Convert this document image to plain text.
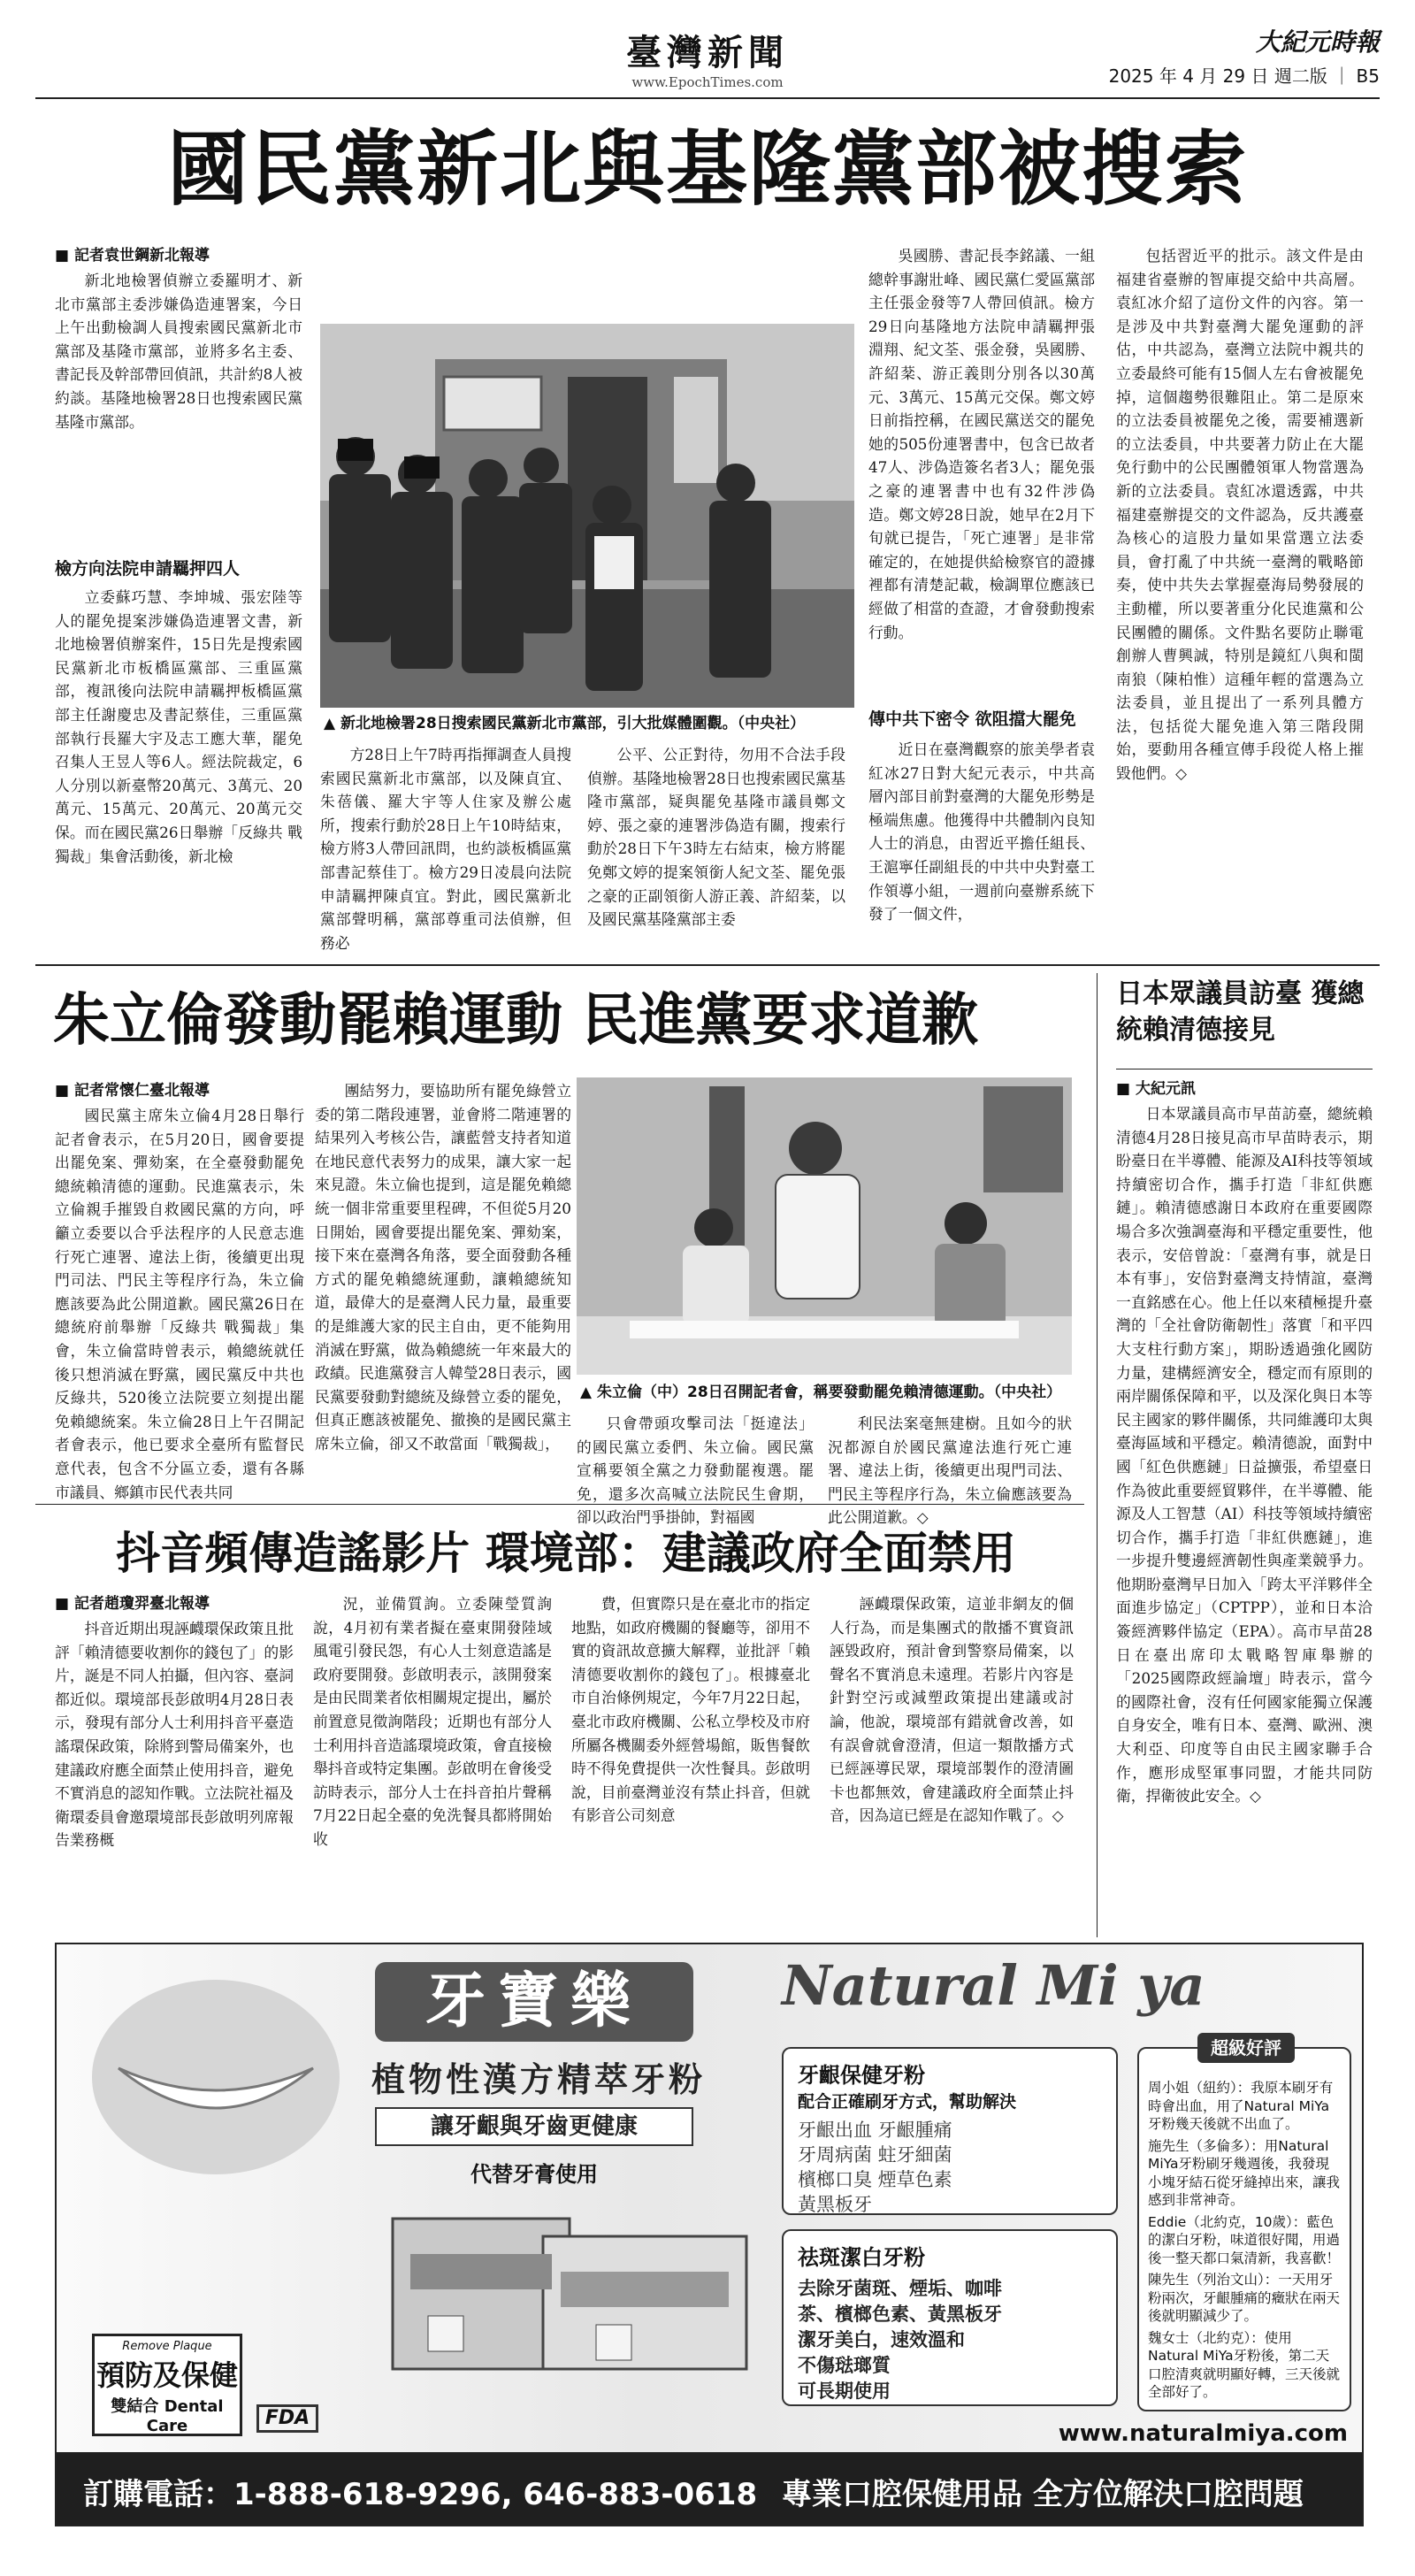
臺灣新聞
www.EpochTimes.com
大紀元時報
2025 年 4 月 29 日 週二版 ｜ B5
國民黨新北與基隆黨部被搜索
■ 記者袁世鋼新北報導

新北地檢署偵辦立委羅明才、新北市黨部主委涉嫌偽造連署案，今日上午出動檢調人員搜索國民黨新北市黨部及基隆市黨部，並將多名主委、書記長及幹部帶回偵訊，共計約8人被約談。基隆地檢署28日也搜索國民黨基隆市黨部。

檢方向法院申請羈押四人

立委蘇巧慧、李坤城、張宏陸等人的罷免提案涉嫌偽造連署文書，新北地檢署偵辦案件，15日先是搜索國民黨新北市板橋區黨部、三重區黨部，複訊後向法院申請羈押板橋區黨部主任謝慶忠及書記蔡佳，三重區黨部執行長羅大宇及志工應大華，罷免召集人王昱人等6人。經法院裁定，6人分別以新臺幣20萬元、3萬元、20萬元、15萬元、20萬元、20萬元交保。而在國民黨26日舉辦「反綠共 戰獨裁」集會活動後，新北檢

▲ 新北地檢署28日搜索國民黨新北市黨部，引大批媒體圍觀。（中央社）

方28日上午7時再指揮調查人員搜索國民黨新北市黨部，以及陳貞宜、朱蓓儀、羅大宇等人住家及辦公處所，搜索行動於28日上午10時結束，檢方將3人帶回訊問，也約談板橋區黨部書記蔡佳丁。檢方29日凌晨向法院申請羈押陳貞宜。對此，國民黨新北黨部聲明稱，黨部尊重司法偵辦，但務必

公平、公正對待，勿用不合法手段偵辦。基隆地檢署28日也搜索國民黨基隆市黨部，疑與罷免基隆市議員鄭文婷、張之豪的連署涉偽造有關，搜索行動於28日下午3時左右結束，檢方將罷免鄭文婷的提案領銜人紀文荃、罷免張之豪的正副領銜人游正義、許紹棻，以及國民黨基隆黨部主委

吳國勝、書記長李銘議、一組總幹事謝壯峰、國民黨仁愛區黨部主任張金發等7人帶回偵訊。檢方29日向基隆地方法院申請羈押張淵翔、紀文荃、張金發，吳國勝、許紹棻、游正義則分別各以30萬元、3萬元、15萬元交保。鄭文婷日前指控稱，在國民黨送交的罷免她的505份連署書中，包含已故者47人、涉偽造簽名者3人；罷免張之豪的連署書中也有32件涉偽造。鄭文婷28日說，她早在2月下旬就已提告，「死亡連署」是非常確定的，在她提供給檢察官的證據裡都有清楚記載，檢調單位應該已經做了相當的查證，才會發動搜索行動。

傳中共下密令 欲阻擋大罷免

近日在臺灣觀察的旅美學者袁紅冰27日對大紀元表示，中共高層內部目前對臺灣的大罷免形勢是極端焦慮。他獲得中共體制內良知人士的消息，由習近平擔任組長、王滬寧任副組長的中共中央對臺工作領導小組，一週前向臺辦系統下發了一個文件，

包括習近平的批示。該文件是由福建省臺辦的智庫提交給中共高層。袁紅冰介紹了這份文件的內容。第一是涉及中共對臺灣大罷免運動的評估，中共認為，臺灣立法院中親共的立委最終可能有15個人左右會被罷免掉，這個趨勢很難阻止。第二是原來的立法委員被罷免之後，需要補選新的立法委員，中共要著力防止在大罷免行動中的公民團體領軍人物當選為新的立法委員。袁紅冰還透露，中共福建臺辦提交的文件認為，反共護臺為核心的這股力量如果當選立法委員，會打亂了中共統一臺灣的戰略節奏，使中共失去掌握臺海局勢發展的主動權，所以要著重分化民進黨和公民團體的關係。文件點名要防止聯電創辦人曹興誠，特別是鏡紅八與和閩南狼（陳柏惟）這種年輕的當選為立法委員，並且提出了一系列具體方法，包括從大罷免進入第三階段開始，要動用各種宣傳手段從人格上摧毀他們。◇

朱立倫發動罷賴運動 民進黨要求道歉
■ 記者常懷仁臺北報導

國民黨主席朱立倫4月28日舉行記者會表示，在5月20日，國會要提出罷免案、彈劾案，在全臺發動罷免總統賴清德的運動。民進黨表示，朱立倫親手摧毀自救國民黨的方向，呼籲立委要以合乎法程序的人民意志進行死亡連署、違法上街，後續更出現門司法、門民主等程序行為，朱立倫應該要為此公開道歉。國民黨26日在總統府前舉辦「反綠共 戰獨裁」集會，朱立倫當時曾表示，賴總統就任後只想消滅在野黨，國民黨反中共也反綠共，520後立法院要立刻提出罷免賴總統案。朱立倫28日上午召開記者會表示，他已要求全臺所有監督民意代表，包含不分區立委，還有各縣市議員、鄉鎮市民代表共同

團結努力，要協助所有罷免綠營立委的第二階段連署，並會將二階連署的結果列入考核公告，讓藍營支持者知道在地民意代表努力的成果，讓大家一起來見證。朱立倫也提到，這是罷免賴總統一個非常重要里程碑，不但從5月20日開始，國會要提出罷免案、彈劾案，接下來在臺灣各角落，要全面發動各種方式的罷免賴總統運動，讓賴總統知道，最偉大的是臺灣人民力量，最重要的是維護大家的民主自由，更不能夠用消滅在野黨，做為賴總統一年來最大的政績。民進黨發言人韓瑩28日表示，國民黨要發動對總統及綠營立委的罷免，但真正應該被罷免、撤換的是國民黨主席朱立倫，卻又不敢當面「戰獨裁」，

▲ 朱立倫（中）28日召開記者會，稱要發動罷免賴清德運動。（中央社）

只會帶頭攻擊司法「挺違法」的國民黨立委們、朱立倫。國民黨宣稱要領全黨之力發動罷複選。罷免，還多次高喊立法院民生會期，卻以政治門爭掛帥，對福國

利民法案毫無建樹。且如今的狀況都源自於國民黨違法進行死亡連署、違法上街，後續更出現門司法、門民主等程序行為，朱立倫應該要為此公開道歉。◇

日本眾議員訪臺 獲總統賴清德接見
■ 大紀元訊

日本眾議員高市早苗訪臺，總統賴清德4月28日接見高市早苗時表示，期盼臺日在半導體、能源及AI科技等領域持續密切合作，攜手打造「非紅供應鏈」。賴清德感謝日本政府在重要國際場合多次強調臺海和平穩定重要性，他表示，安倍曾說：「臺灣有事，就是日本有事」，安倍對臺灣支持情誼，臺灣一直銘感在心。他上任以來積極提升臺灣的「全社會防衛韌性」落實「和平四大支柱行動方案」，期盼透過強化國防力量，建構經濟安全，穩定而有原則的兩岸關係保障和平，以及深化與日本等民主國家的夥伴關係，共同維護印太與臺海區域和平穩定。賴清德說，面對中國「紅色供應鏈」日益擴張，希望臺日作為彼此重要經貿夥伴，在半導體、能源及人工智慧（AI）科技等領域持續密切合作，攜手打造「非紅供應鏈」，進一步提升雙邊經濟韌性與產業競爭力。他期盼臺灣早日加入「跨太平洋夥伴全面進步協定」（CPTPP），並和日本洽簽經濟夥伴協定（EPA）。高市早苗28日在臺出席印太戰略智庫舉辦的「2025國際政經論壇」時表示，當今的國際社會，沒有任何國家能獨立保護自身安全，唯有日本、臺灣、歐洲、澳大利亞、印度等自由民主國家聯手合作，應形成堅軍事同盟，才能共同防衛，捍衛彼此安全。◇

抖音頻傳造謠影片 環境部：建議政府全面禁用
■ 記者趙瓊羿臺北報導

抖音近期出現誣衊環保政策且批評「賴清德要收割你的錢包了」的影片，誕是不同人拍攝，但內容、臺詞都近似。環境部長彭啟明4月28日表示，發現有部分人士利用抖音平臺造謠環保政策，除將到警局備案外，也建議政府應全面禁止使用抖音，避免不實消息的認知作戰。立法院社福及衛環委員會邀環境部長彭啟明列席報告業務概

況，並備質詢。立委陳瑩質詢說，4月初有業者擬在臺東開發陸域風電引發民怨，有心人士刻意造謠是政府要開發。彭啟明表示，該開發案是由民間業者依相關規定提出，屬於前置意見徵詢階段；近期也有部分人士利用抖音造謠環境政策，會直接檢舉抖音或特定集團。彭啟明在會後受訪時表示，部分人士在抖音拍片聲稱7月22日起全臺的免洗餐具都將開始收

費，但實際只是在臺北市的指定地點，如政府機關的餐廳等，卻用不實的資訊故意擴大解釋，並批評「賴清德要收割你的錢包了」。根據臺北市自治條例規定，今年7月22日起，臺北市政府機關、公私立學校及市府所屬各機關委外經營場館，販售餐飲時不得免費提供一次性餐具。彭啟明說，目前臺灣並沒有禁止抖音，但就有影音公司刻意

誣衊環保政策，這並非網友的個人行為，而是集團式的散播不實資訊誣毀政府，預計會到警察局備案，以聲名不實消息未遠理。若影片內容是針對空污或減塑政策提出建議或討論，他說，環境部有錯就會改善，如有誤會就會澄清，但這一類散播方式已經誣導民眾，環境部製作的澄清圖卡也都無效，會建議政府全面禁止抖音，因為這已經是在認知作戰了。◇

牙寶樂
植物性漢方精萃牙粉
讓牙齦與牙齒更健康
代替牙膏使用
Natural Mi ya
牙齦保健牙粉
配合正確刷牙方式，幫助解決
牙齦出血 牙齦腫痛
牙周病菌 蛀牙細菌
檳榔口臭 煙草色素
黃黑板牙
祛斑潔白牙粉
去除牙菌斑、煙垢、咖啡
茶、檳榔色素、黃黑板牙
潔牙美白，速效溫和
不傷琺瑯質
可長期使用
周小姐（紐約）：我原本刷牙有時會出血，用了Natural MiYa牙粉幾天後就不出血了。
施先生（多倫多）：用Natural MiYa牙粉刷牙幾週後，我發現小塊牙結石從牙縫掉出來，讓我感到非常神奇。
Eddie（北約克，10歲）：藍色的潔白牙粉，味道很好聞，用過後一整天都口氣清新，我喜歡！
陳先生（列治文山）：一天用牙粉兩次，牙齦腫痛的癥狀在兩天後就明顯減少了。
魏女士（北約克）：使用Natural MiYa牙粉後，第二天口腔清爽就明顯好轉，三天後就全部好了。
超級好評
Remove Plaque
預防及保健
雙結合 Dental Care	FDA
www.naturalmiya.com
訂購電話：1-888-618-9296, 646-883-0618 專業口腔保健用品 全方位解決口腔問題
